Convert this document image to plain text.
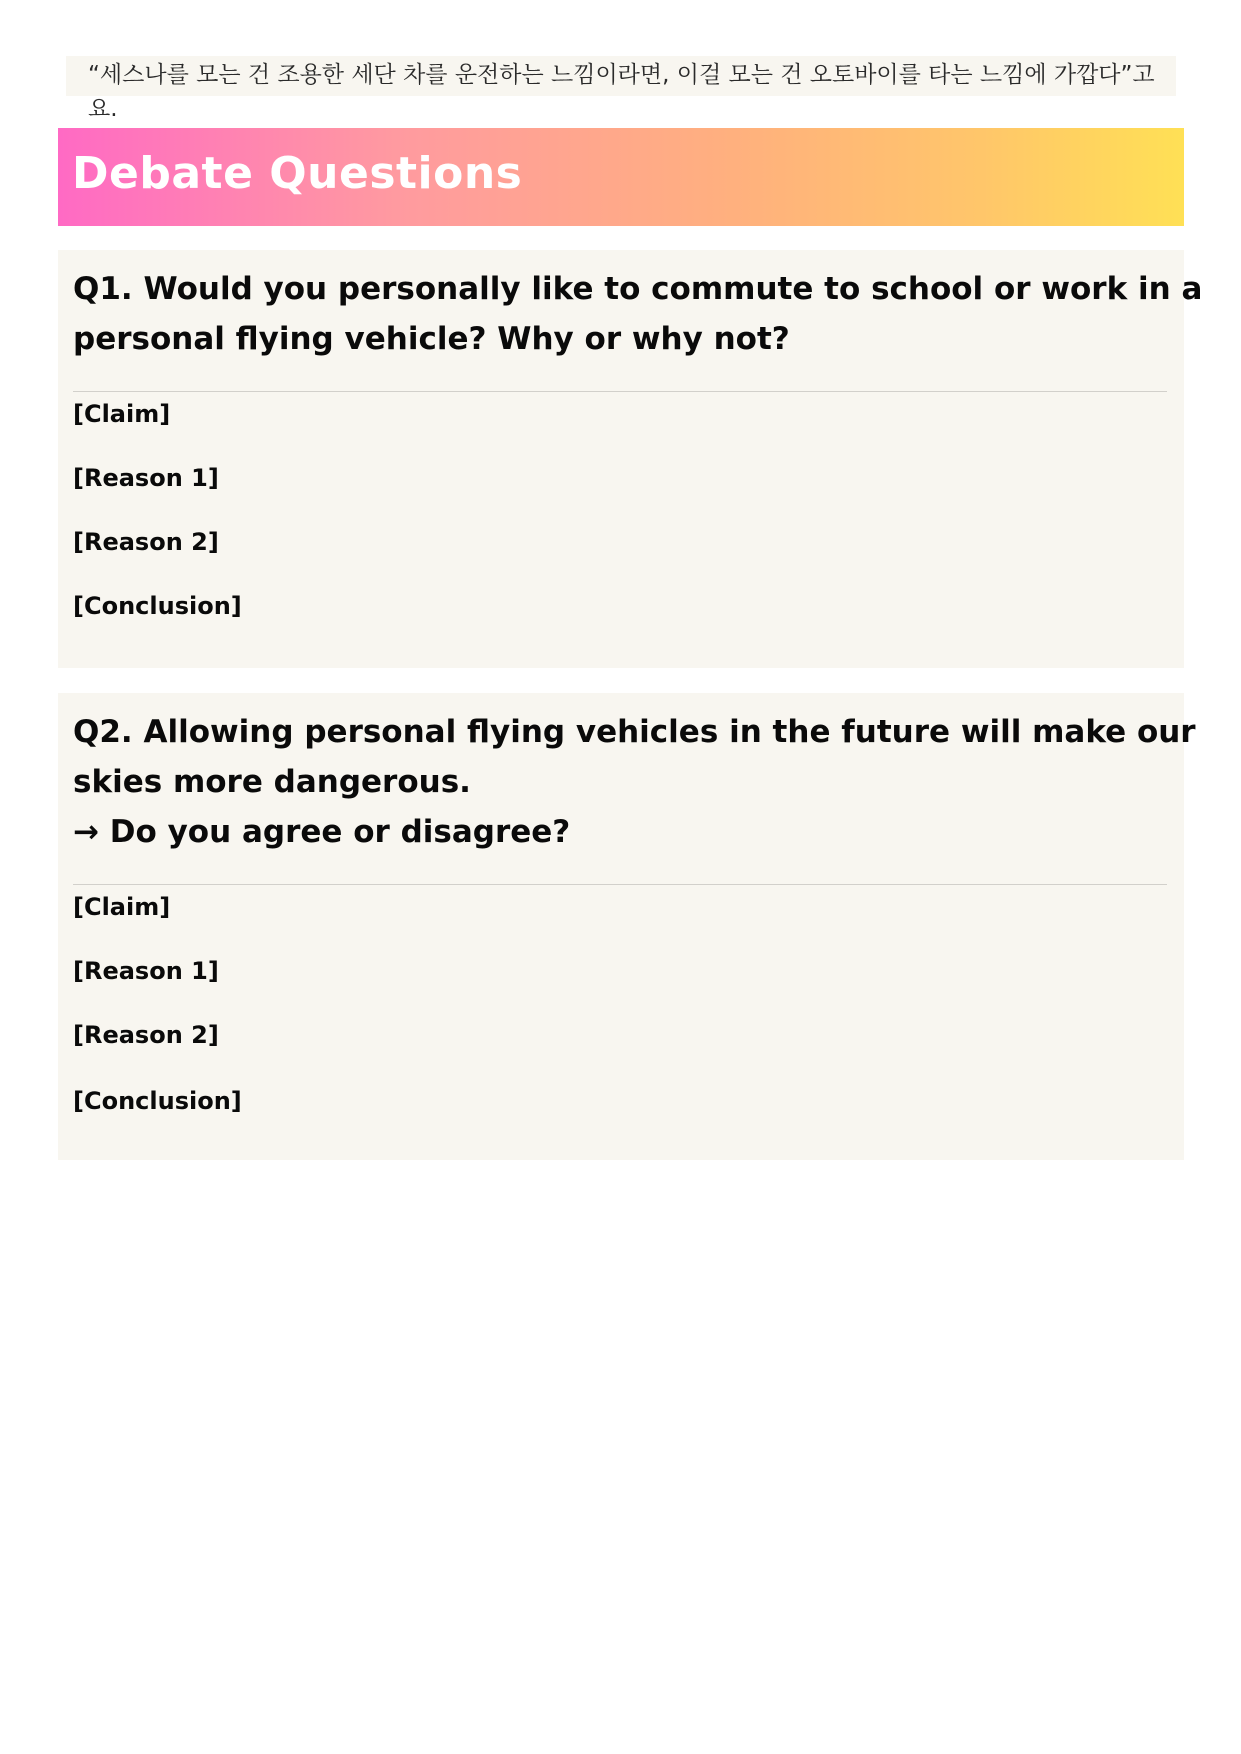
“세스나를 모는 건 조용한 세단 차를 운전하는 느낌이라면, 이걸 모는 건 오토바이를 타는 느낌에 가깝다”고요.
Debate Questions
Q1. Would you personally like to commute to school or work in a
personal flying vehicle? Why or why not?
[Claim]
[Reason 1]
[Reason 2]
[Conclusion]
Q2. Allowing personal flying vehicles in the future will make our
skies more dangerous.
→ Do you agree or disagree?
[Claim]
[Reason 1]
[Reason 2]
[Conclusion]
